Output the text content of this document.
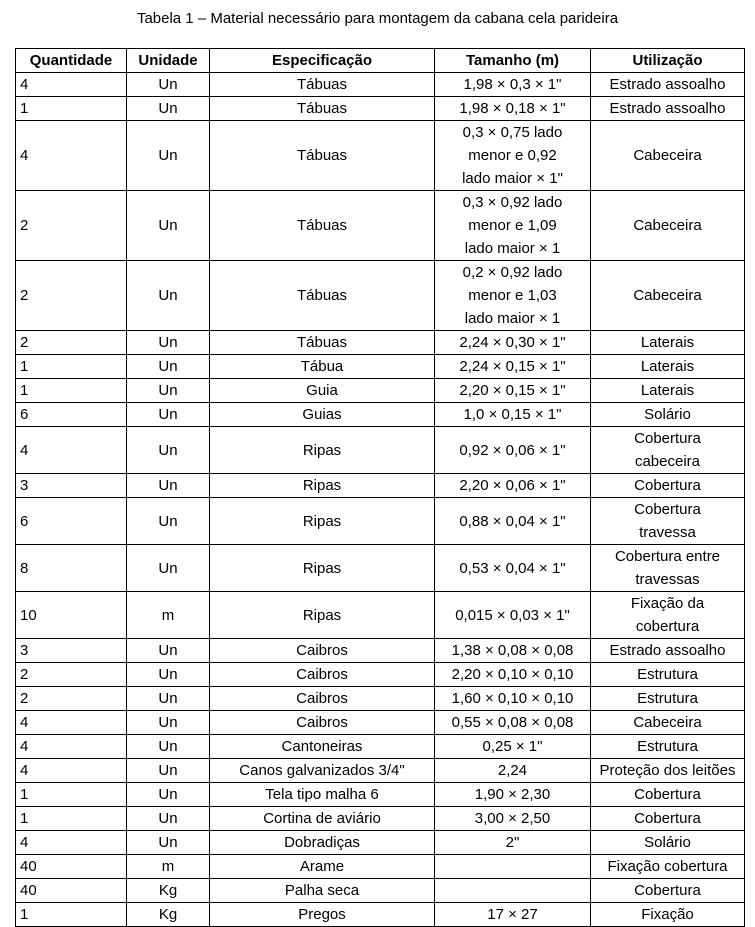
Tabela 1 – Material necessário para montagem da cabana cela parideira
Quantidade	Unidade	Especificação	Tamanho (m)	Utilização
4	Un	Tábuas	1,98 × 0,3 × 1"	Estrado assoalho
1	Un	Tábuas	1,98 × 0,18 × 1"	Estrado assoalho
4	Un	Tábuas	0,3 × 0,75 lado
menor e 0,92
lado maior × 1"	Cabeceira
2	Un	Tábuas	0,3 × 0,92 lado
menor e 1,09
lado maior × 1	Cabeceira
2	Un	Tábuas	0,2 × 0,92 lado
menor e 1,03
lado maior × 1	Cabeceira
2	Un	Tábuas	2,24 × 0,30 × 1"	Laterais
1	Un	Tábua	2,24 × 0,15 × 1"	Laterais
1	Un	Guia	2,20 × 0,15 × 1"	Laterais
6	Un	Guias	1,0 × 0,15 × 1"	Solário
4	Un	Ripas	0,92 × 0,06 × 1"	Cobertura
cabeceira
3	Un	Ripas	2,20 × 0,06 × 1"	Cobertura
6	Un	Ripas	0,88 × 0,04 × 1"	Cobertura
travessa
8	Un	Ripas	0,53 × 0,04 × 1"	Cobertura entre
travessas
10	m	Ripas	0,015 × 0,03 × 1"	Fixação da
cobertura
3	Un	Caibros	1,38 × 0,08 × 0,08	Estrado assoalho
2	Un	Caibros	2,20 × 0,10 × 0,10	Estrutura
2	Un	Caibros	1,60 × 0,10 × 0,10	Estrutura
4	Un	Caibros	0,55 × 0,08 × 0,08	Cabeceira
4	Un	Cantoneiras	0,25 × 1"	Estrutura
4	Un	Canos galvanizados 3/4"	2,24	Proteção dos leitões
1	Un	Tela tipo malha 6	1,90 × 2,30	Cobertura
1	Un	Cortina de aviário	3,00 × 2,50	Cobertura
4	Un	Dobradiças	2"	Solário
40	m	Arame		Fixação cobertura
40	Kg	Palha seca		Cobertura
1	Kg	Pregos	17 × 27	Fixação
